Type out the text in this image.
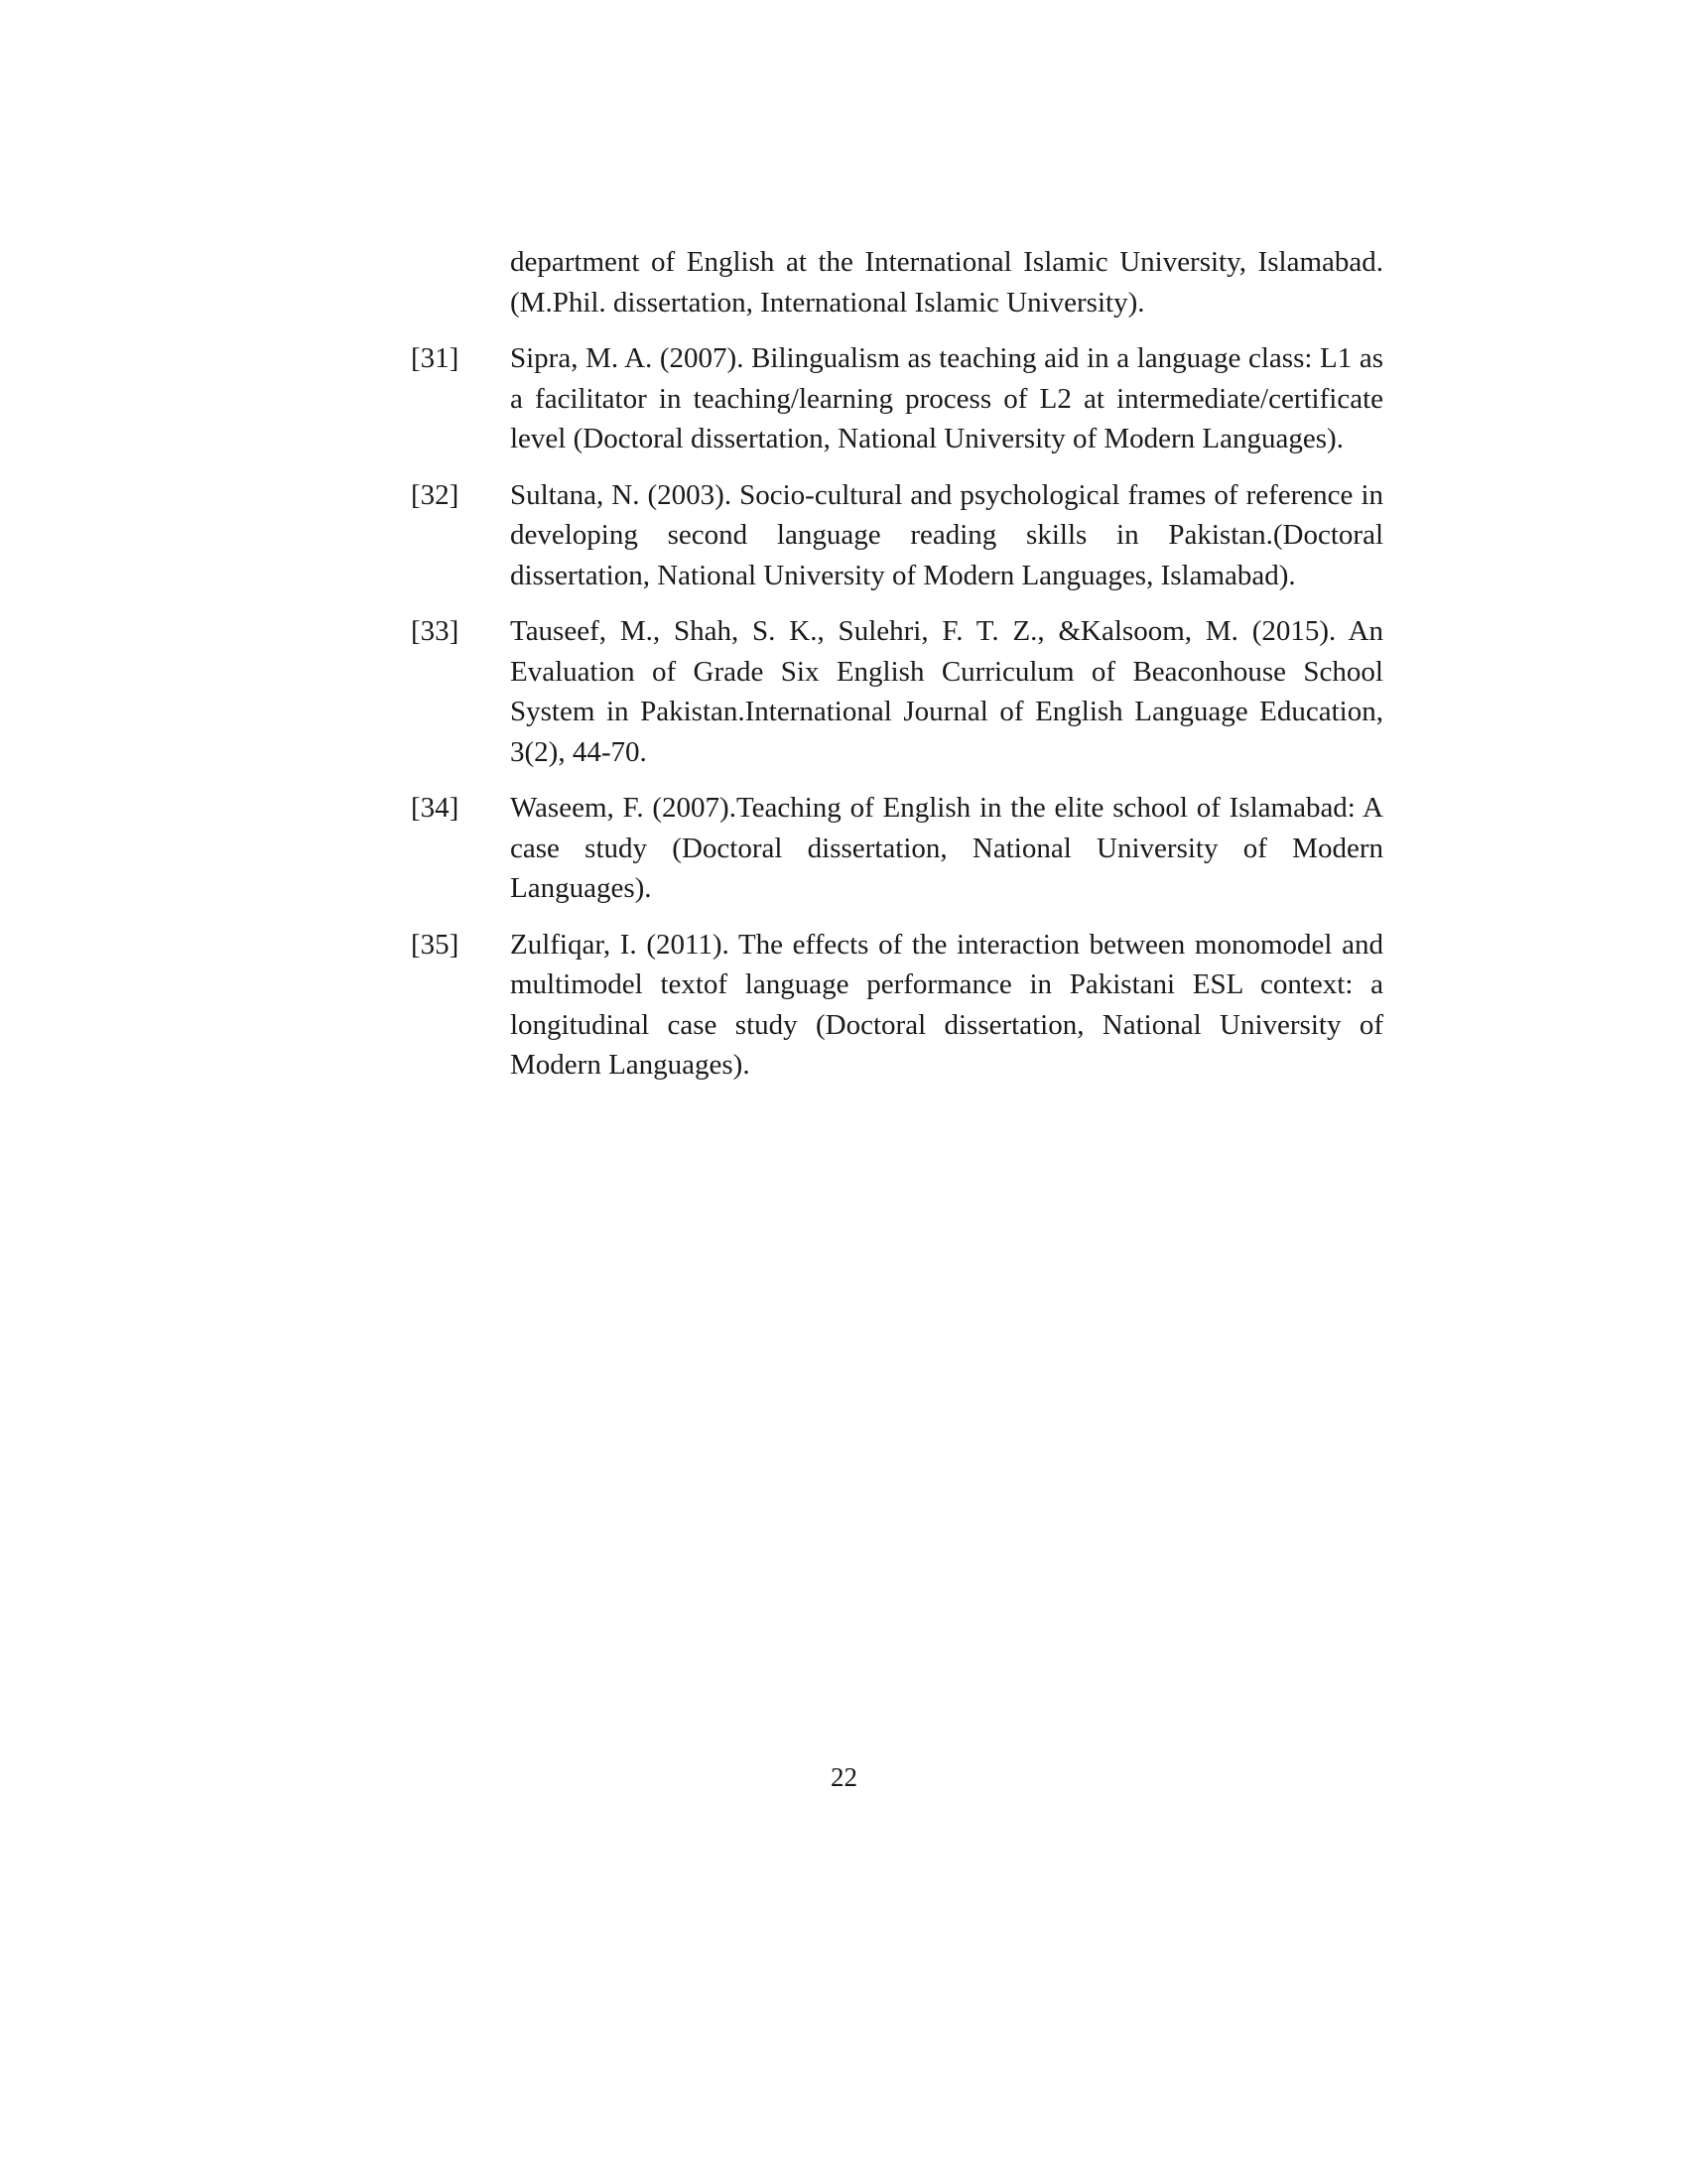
department of English at the International Islamic University, Islamabad. (M.Phil. dissertation, International Islamic University).
[31]	Sipra, M. A. (2007). Bilingualism as teaching aid in a language class: L1 as a facilitator in teaching/learning process of L2 at intermediate/certificate level (Doctoral dissertation, National University of Modern Languages).
[32]	Sultana, N. (2003). Socio-cultural and psychological frames of reference in developing second language reading skills in Pakistan.(Doctoral dissertation, National University of Modern Languages, Islamabad).
[33]	Tauseef, M., Shah, S. K., Sulehri, F. T. Z., &Kalsoom, M. (2015). An Evaluation of Grade Six English Curriculum of Beaconhouse School System in Pakistan.International Journal of English Language Education, 3(2), 44-70.
[34]	Waseem, F. (2007).Teaching of English in the elite school of Islamabad: A case study (Doctoral dissertation, National University of Modern Languages).
[35]	Zulfiqar, I. (2011). The effects of the interaction between monomodel and multimodel textof language performance in Pakistani ESL context: a longitudinal case study (Doctoral dissertation, National University of Modern Languages).
22
